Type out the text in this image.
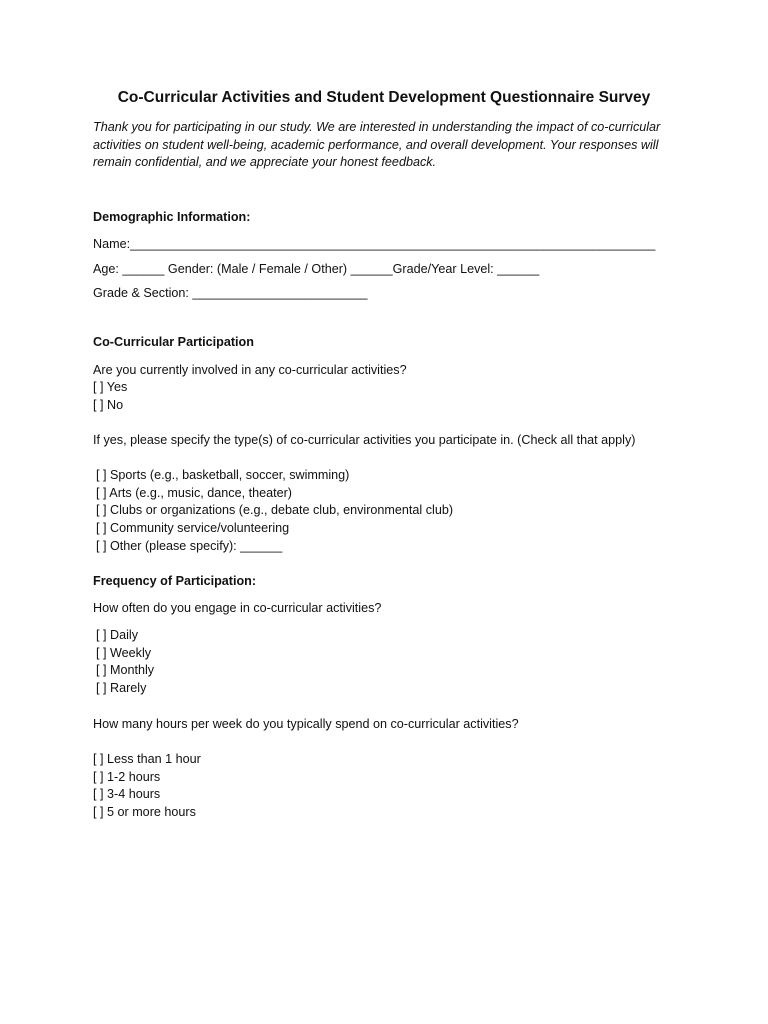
Co-Curricular Activities and Student Development Questionnaire Survey
Thank you for participating in our study. We are interested in understanding the impact of co-curricular
activities on student well-being, academic performance, and overall development. Your responses will
remain confidential, and we appreciate your honest feedback.
Demographic Information:
Name:___________________________________________________________________________
Age: ______ Gender: (Male / Female / Other) ______Grade/Year Level: ______
Grade & Section: _________________________
Co-Curricular Participation
Are you currently involved in any co-curricular activities?
[ ] Yes
[ ] No
If yes, please specify the type(s) of co-curricular activities you participate in. (Check all that apply)
[ ] Sports (e.g., basketball, soccer, swimming)
[ ] Arts (e.g., music, dance, theater)
[ ] Clubs or organizations (e.g., debate club, environmental club)
[ ] Community service/volunteering
[ ] Other (please specify): ______
Frequency of Participation:
How often do you engage in co-curricular activities?
[ ] Daily
[ ] Weekly
[ ] Monthly
[ ] Rarely
How many hours per week do you typically spend on co-curricular activities?
[ ] Less than 1 hour
[ ] 1-2 hours
[ ] 3-4 hours
[ ] 5 or more hours
